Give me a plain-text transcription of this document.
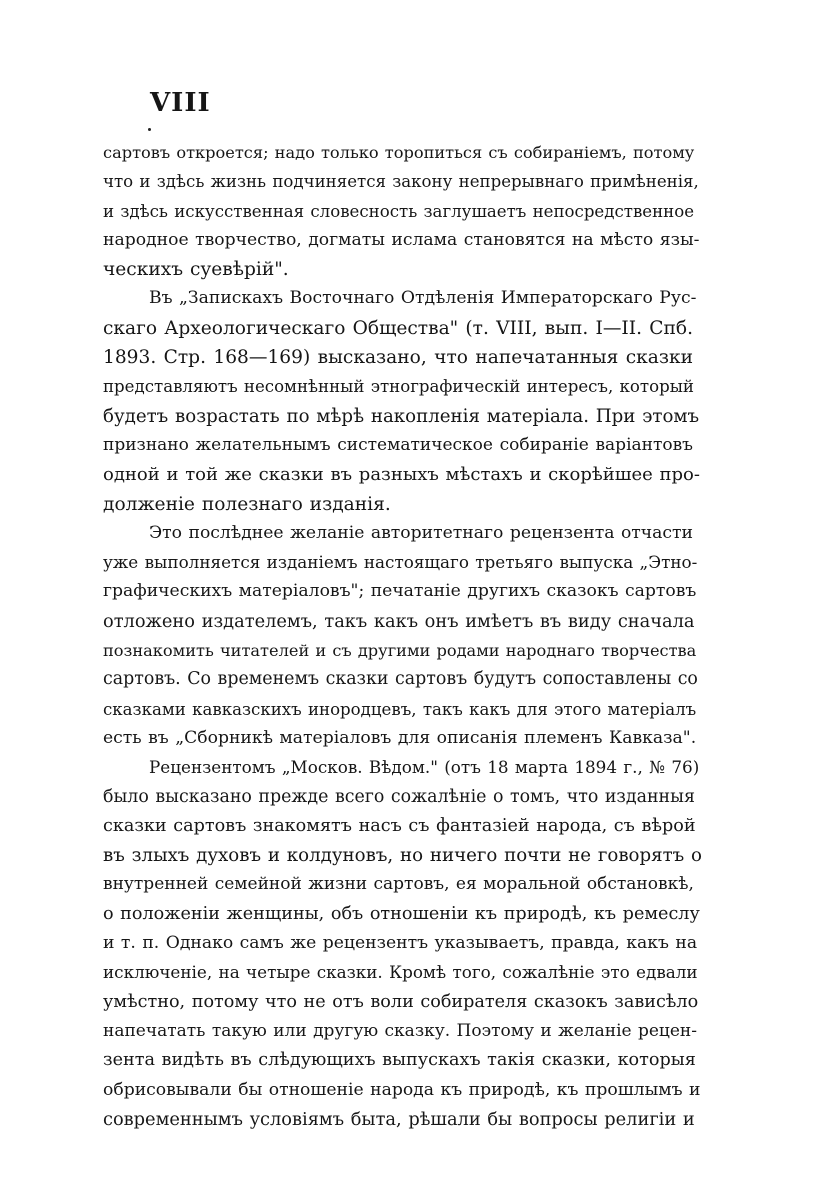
VIII
сартовъ откроется; надо только торопиться съ собираніемъ, потому
что и здѣсь жизнь подчиняется закону непрерывнаго примѣненія,
и здѣсь искусственная словесность заглушаетъ непосредственное
народное творчество, догматы ислама становятся на мѣсто язы-
ческихъ суевѣрій".
Въ „Запискахъ Восточнаго Отдѣленія Императорскаго Рус-
скаго Археологическаго Общества" (т. VIII, вып. I—II. Спб.
1893. Стр. 168—169) высказано, что напечатанныя сказки
представляютъ несомнѣнный этнографическій интересъ, который
будетъ возрастать по мѣрѣ накопленія матеріала. При этомъ
признано желательнымъ систематическое собираніе варіантовъ
одной и той же сказки въ разныхъ мѣстахъ и скорѣйшее про-
долженіе полезнаго изданія.
Это послѣднее желаніе авторитетнаго рецензента отчасти
уже выполняется изданіемъ настоящаго третьяго выпуска „Этно-
графическихъ матеріаловъ"; печатаніе другихъ сказокъ сартовъ
отложено издателемъ, такъ какъ онъ имѣетъ въ виду сначала
познакомить читателей и съ другими родами народнаго творчества
сартовъ. Со временемъ сказки сартовъ будутъ сопоставлены со
сказками кавказскихъ инородцевъ, такъ какъ для этого матеріалъ
есть въ „Сборникѣ матеріаловъ для описанія племенъ Кавказа".
Рецензентомъ „Москов. Вѣдом." (отъ 18 марта 1894 г., № 76)
было высказано прежде всего сожалѣніе о томъ, что изданныя
сказки сартовъ знакомятъ насъ съ фантазіей народа, съ вѣрой
въ злыхъ духовъ и колдуновъ, но ничего почти не говорятъ о
внутренней семейной жизни сартовъ, ея моральной обстановкѣ,
о положеніи женщины, объ отношеніи къ природѣ, къ ремеслу
и т. п. Однако самъ же рецензентъ указываетъ, правда, какъ на
исключеніе, на четыре сказки. Кромѣ того, сожалѣніе это едвали
умѣстно, потому что не отъ воли собирателя сказокъ зависѣло
напечатать такую или другую сказку. Поэтому и желаніе рецен-
зента видѣть въ слѣдующихъ выпускахъ такія сказки, которыя
обрисовывали бы отношеніе народа къ природѣ, къ прошлымъ и
современнымъ условіямъ быта, рѣшали бы вопросы религіи и
